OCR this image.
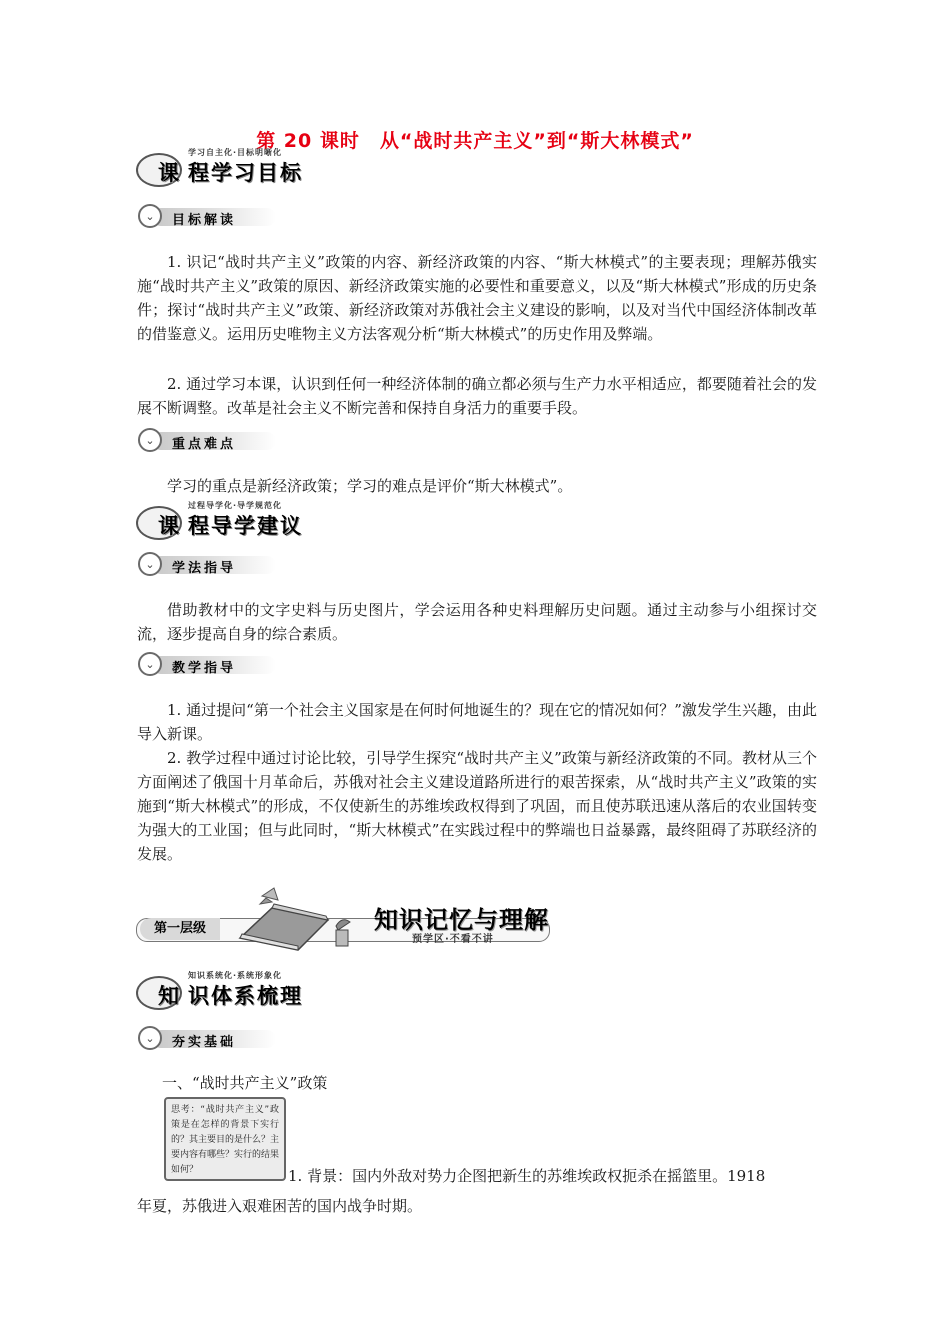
第 20 课时　从“战时共产主义”到“斯大林模式”
学习自主化·目标明晰化
课 程学习目标
⌄	目标解读

1. 识记“战时共产主义”政策的内容、新经济政策的内容、“斯大林模式”的主要表现；理解苏俄实施“战时共产主义”政策的原因、新经济政策实施的必要性和重要意义，以及“斯大林模式”形成的历史条件；探讨“战时共产主义”政策、新经济政策对苏俄社会主义建设的影响，以及对当代中国经济体制改革的借鉴意义。运用历史唯物主义方法客观分析“斯大林模式”的历史作用及弊端。

2. 通过学习本课，认识到任何一种经济体制的确立都必须与生产力水平相适应，都要随着社会的发展不断调整。改革是社会主义不断完善和保持自身活力的重要手段。

⌄	重点难点

学习的重点是新经济政策；学习的难点是评价“斯大林模式”。

过程导学化·导学规范化
课 程导学建议
⌄	学法指导

借助教材中的文字史料与历史图片，学会运用各种史料理解历史问题。通过主动参与小组探讨交流，逐步提高自身的综合素质。

⌄	教学指导

1. 通过提问“第一个社会主义国家是在何时何地诞生的？现在它的情况如何？”激发学生兴趣，由此导入新课。

2. 教学过程中通过讨论比较，引导学生探究“战时共产主义”政策与新经济政策的不同。教材从三个方面阐述了俄国十月革命后，苏俄对社会主义建设道路所进行的艰苦探索，从“战时共产主义”政策的实施到“斯大林模式”的形成，不仅使新生的苏维埃政权得到了巩固，而且使苏联迅速从落后的农业国转变为强大的工业国；但与此同时，“斯大林模式”在实践过程中的弊端也日益暴露，最终阻碍了苏联经济的发展。

第一层级	知识记忆与理解
预学区·不看不讲
知识系统化·系统形象化
知 识体系梳理
⌄	夯实基础
一、“战时共产主义”政策
思考：“战时共产主义”政策是在怎样的背景下实行的？其主要目的是什么？主要内容有哪些？实行的结果如何？	1. 背景：国内外敌对势力企图把新生的苏维埃政权扼杀在摇篮里。1918
年夏，苏俄进入艰难困苦的国内战争时期。
